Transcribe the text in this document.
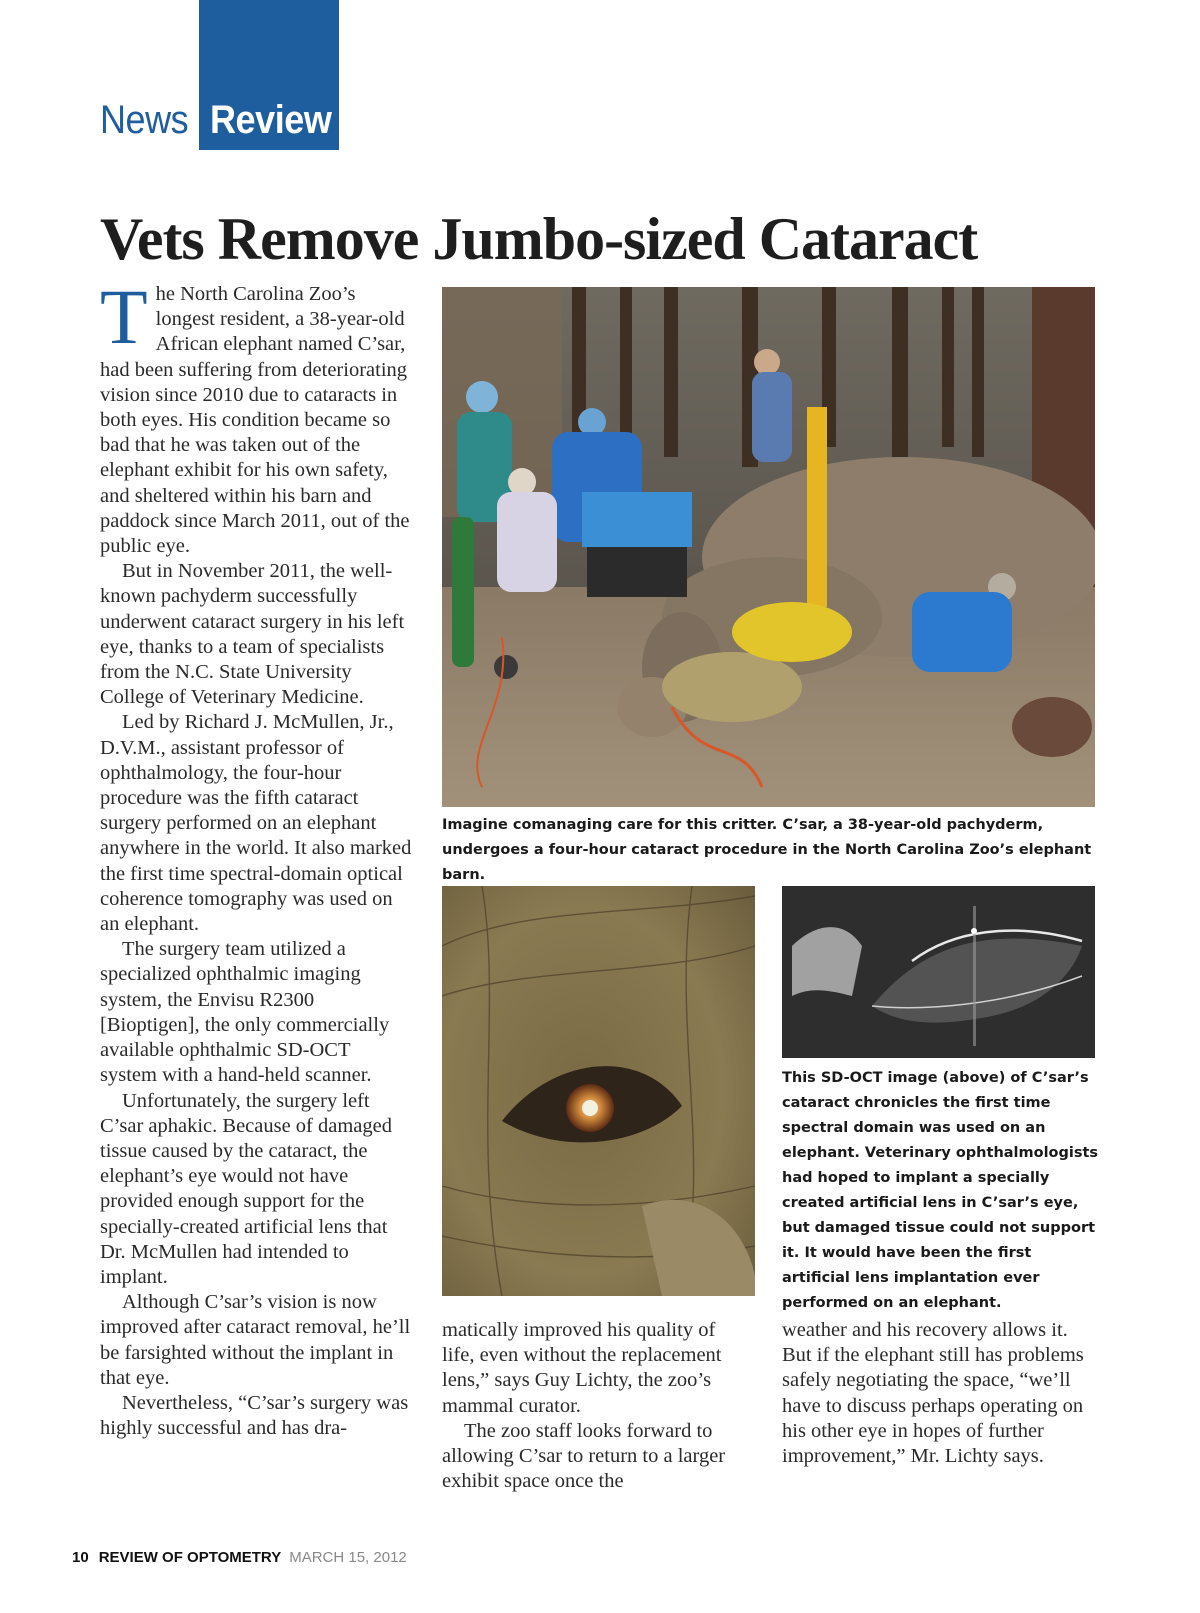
News Review
Vets Remove Jumbo-sized Cataract

The North Carolina Zoo’s longest resident, a 38-year-old African elephant named C’sar, had been suffering from deteriorating vision since 2010 due to cataracts in both eyes. His condition became so bad that he was taken out of the elephant exhibit for his own safety, and sheltered within his barn and paddock since March 2011, out of the public eye.

But in November 2011, the well-known pachyderm successfully underwent cataract surgery in his left eye, thanks to a team of specialists from the N.C. State University College of Veterinary Medicine.

Led by Richard J. McMullen, Jr., D.V.M., assistant professor of ophthalmology, the four-hour procedure was the fifth cataract surgery performed on an elephant anywhere in the world. It also marked the first time spectral-domain optical coherence tomography was used on an elephant.

The surgery team utilized a specialized ophthalmic imaging system, the Envisu R2300 [Bioptigen], the only commercially available ophthalmic SD-OCT system with a hand-held scanner.

Unfortunately, the surgery left C’sar aphakic. Because of damaged tissue caused by the cataract, the elephant’s eye would not have provided enough support for the specially-created artificial lens that Dr. McMullen had intended to implant.

Although C’sar’s vision is now improved after cataract removal, he’ll be farsighted without the implant in that eye.

Nevertheless, “C’sar’s surgery was highly successful and has dra-

Imagine comanaging care for this critter. C’sar, a 38-year-old pachyderm, undergoes a four-hour cataract procedure in the North Carolina Zoo’s elephant barn.
This SD-OCT image (above) of C’sar’s cataract chronicles the first time spectral domain was used on an elephant. Veterinary ophthalmologists had hoped to implant a specially created artificial lens in C’sar’s eye, but damaged tissue could not support it. It would have been the first artificial lens implantation ever performed on an elephant.

matically improved his quality of life, even without the replacement lens,” says Guy Lichty, the zoo’s mammal curator.

The zoo staff looks forward to allowing C’sar to return to a larger exhibit space once the

weather and his recovery allows it. But if the elephant still has problems safely negotiating the space, “we’ll have to discuss perhaps operating on his other eye in hopes of further improvement,” Mr. Lichty says.

10 REVIEW OF OPTOMETRY MARCH 15, 2012
